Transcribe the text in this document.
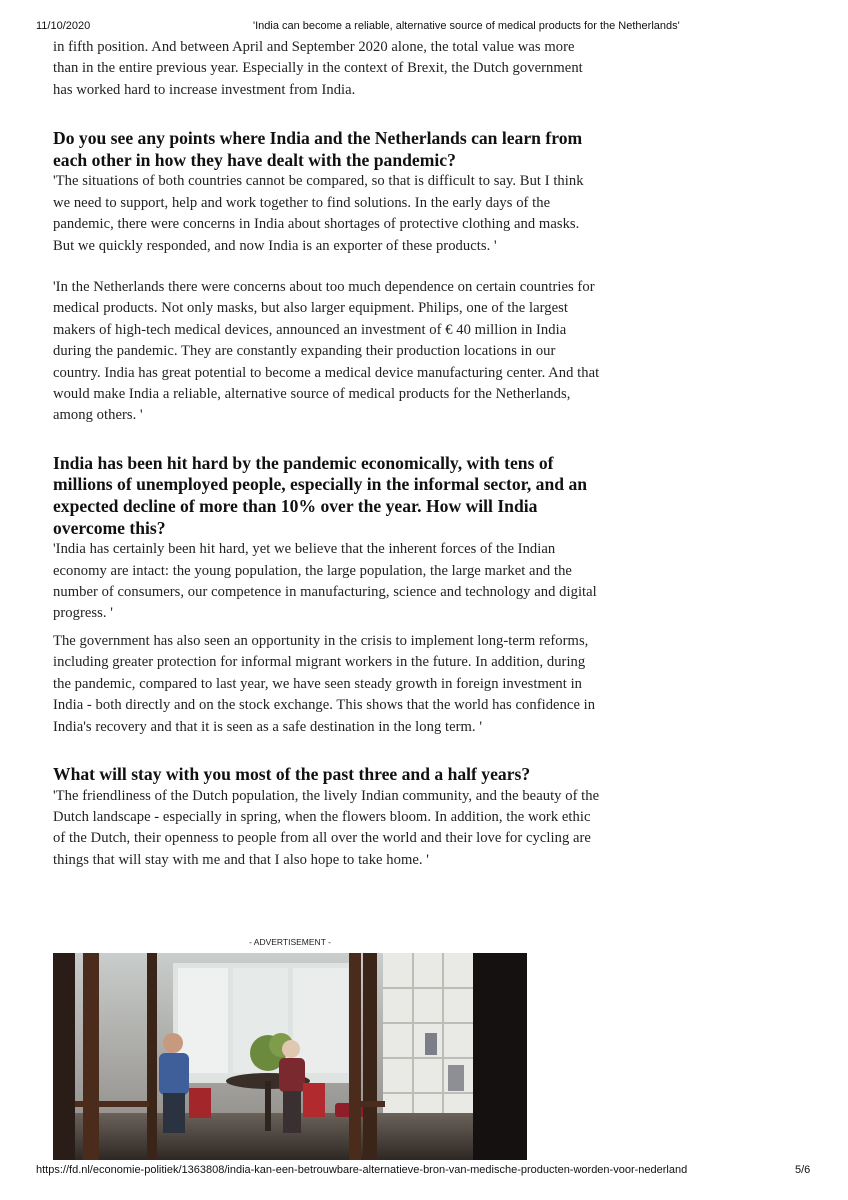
11/10/2020	'India can become a reliable, alternative source of medical products for the Netherlands'

in fifth position. And between April and September 2020 alone, the total value was more than in the entire previous year. Especially in the context of Brexit, the Dutch government has worked hard to increase investment from India.

Do you see any points where India and the Netherlands can learn from each other in how they have dealt with the pandemic?

'The situations of both countries cannot be compared, so that is difficult to say. But I think we need to support, help and work together to find solutions. In the early days of the pandemic, there were concerns in India about shortages of protective clothing and masks. But we quickly responded, and now India is an exporter of these products. '

'In the Netherlands there were concerns about too much dependence on certain countries for medical products. Not only masks, but also larger equipment. Philips, one of the largest makers of high-tech medical devices, announced an investment of € 40 million in India during the pandemic. They are constantly expanding their production locations in our country. India has great potential to become a medical device manufacturing center. And that would make India a reliable, alternative source of medical products for the Netherlands, among others. '

India has been hit hard by the pandemic economically, with tens of millions of unemployed people, especially in the informal sector, and an expected decline of more than 10% over the year. How will India overcome this?

'India has certainly been hit hard, yet we believe that the inherent forces of the Indian economy are intact: the young population, the large population, the large market and the number of consumers, our competence in manufacturing, science and technology and digital progress. '

The government has also seen an opportunity in the crisis to implement long-term reforms, including greater protection for informal migrant workers in the future. In addition, during the pandemic, compared to last year, we have seen steady growth in foreign investment in India - both directly and on the stock exchange. This shows that the world has confidence in India's recovery and that it is seen as a safe destination in the long term. '

What will stay with you most of the past three and a half years?

'The friendliness of the Dutch population, the lively Indian community, and the beauty of the Dutch landscape - especially in spring, when the flowers bloom. In addition, the work ethic of the Dutch, their openness to people from all over the world and their love for cycling are things that will stay with me and that I also hope to take home. '

- ADVERTISEMENT -
https://fd.nl/economie-politiek/1363808/india-kan-een-betrouwbare-alternatieve-bron-van-medische-producten-worden-voor-nederland	5/6
